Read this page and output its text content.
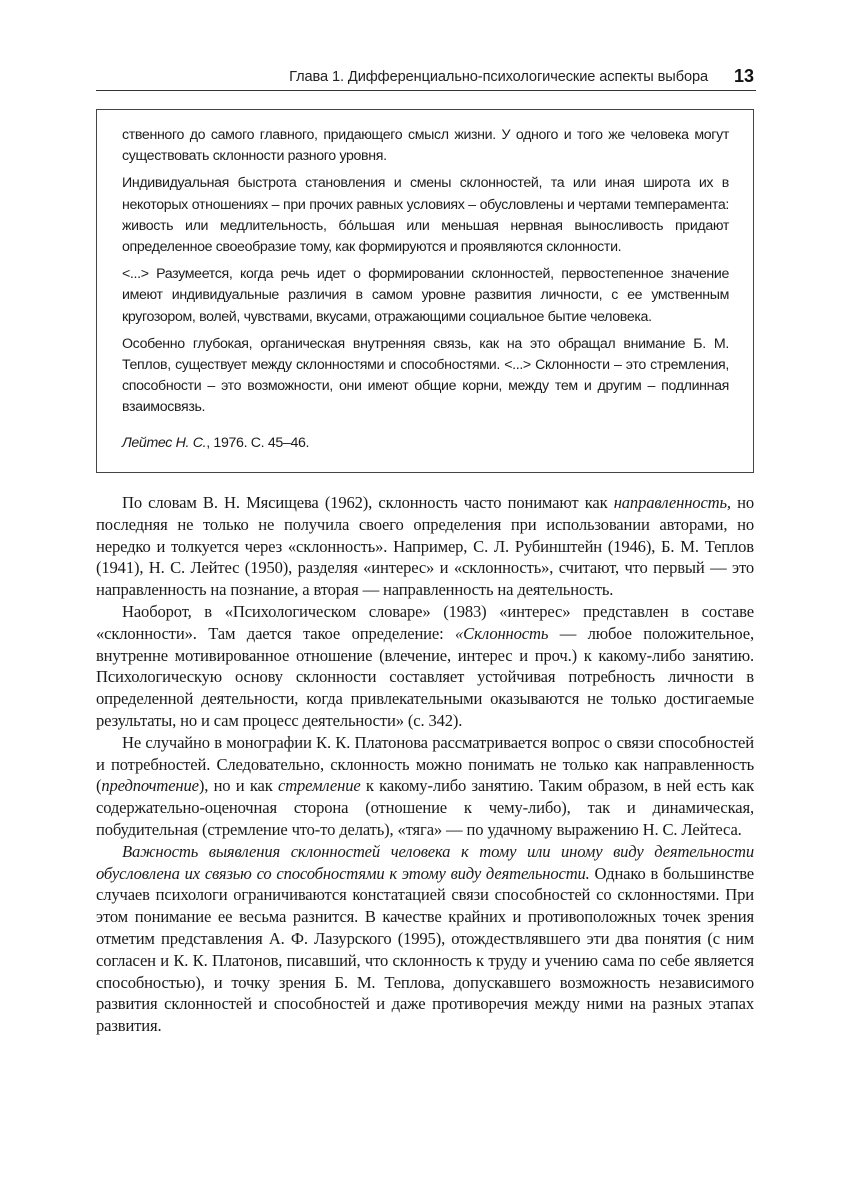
Глава 1. Дифференциально-психологические аспекты выбора 13

ственного до самого главного, придающего смысл жизни. У одного и того же человека могут существовать склонности разного уровня.

Индивидуальная быстрота становления и смены склонностей, та или иная широта их в некоторых отношениях – при прочих равных условиях – обусловлены и чертами темперамента: живость или медлительность, бо́льшая или меньшая нервная выносливость придают определенное своеобразие тому, как формируются и проявляются склонности.

<...> Разумеется, когда речь идет о формировании склонностей, первостепенное значение имеют индивидуальные различия в самом уровне развития личности, с ее умственным кругозором, волей, чувствами, вкусами, отражающими социальное бытие человека.

Особенно глубокая, органическая внутренняя связь, как на это обращал внимание Б. М. Теплов, существует между склонностями и способностями. <...> Склонности – это стремления, способности – это возможности, они имеют общие корни, между тем и другим – подлинная взаимосвязь.

Лейтес Н. С., 1976. С. 45–46.

По словам В. Н. Мясищева (1962), склонность часто понимают как направленность, но последняя не только не получила своего определения при использовании авторами, но нередко и толкуется через «склонность». Например, С. Л. Рубинштейн (1946), Б. М. Теплов (1941), Н. С. Лейтес (1950), разделяя «интерес» и «склонность», считают, что первый — это направленность на познание, а вторая — направленность на деятельность.

Наоборот, в «Психологическом словаре» (1983) «интерес» представлен в составе «склонности». Там дается такое определение: «Склонность — любое положительное, внутренне мотивированное отношение (влечение, интерес и проч.) к какому-либо занятию. Психологическую основу склонности составляет устойчивая потребность личности в определенной деятельности, когда привлекательными оказываются не только достигаемые результаты, но и сам процесс деятельности» (с. 342).

Не случайно в монографии К. К. Платонова рассматривается вопрос о связи способностей и потребностей. Следовательно, склонность можно понимать не только как направленность (предпочтение), но и как стремление к какому-либо занятию. Таким образом, в ней есть как содержательно-оценочная сторона (отношение к чему-либо), так и динамическая, побудительная (стремление что-то делать), «тяга» — по удачному выражению Н. С. Лейтеса.

Важность выявления склонностей человека к тому или иному виду деятельности обусловлена их связью со способностями к этому виду деятельности. Однако в большинстве случаев психологи ограничиваются констатацией связи способностей со склонностями. При этом понимание ее весьма разнится. В качестве крайних и противоположных точек зрения отметим представления А. Ф. Лазурского (1995), отождествлявшего эти два понятия (с ним согласен и К. К. Платонов, писавший, что склонность к труду и учению сама по себе является способностью), и точку зрения Б. М. Теплова, допускавшего возможность независимого развития склонностей и способностей и даже противоречия между ними на разных этапах развития.
